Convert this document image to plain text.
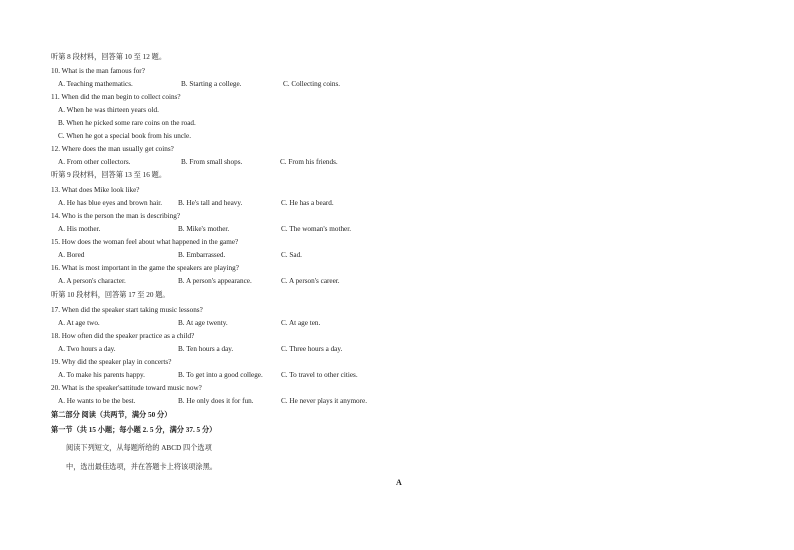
听第 8 段材料，回答第 10 至 12 题。
10. What is the man famous for?
A. Teaching mathematics.	B. Starting a college.	C. Collecting coins.
11. When did the man begin to collect coins?
A. When he was thirteen years old.
B. When he picked some rare coins on the road.
C. When he got a special book from his uncle.
12. Where does the man usually get coins?
A. From other collectors.	B. From small shops.	C. From his friends.
听第 9 段材料，回答第 13 至 16 题。
13. What does Mike look like?
A. He has blue eyes and brown hair. B. He's tall and heavy.	C. He has a beard.
14. Who is the person the man is describing?
A. His mother.	B. Mike's mother.	C. The woman's mother.
15. How does the woman feel about what happened in the game?
A. Bored	B. Embarrassed.	C. Sad.
16. What is most important in the game the speakers are playing?
A. A person's character.	B. A person's appearance.	C. A person's career.
听第 10 段材料，回答第 17 至 20 题。
17. When did the speaker start taking music lessons?
A. At age two.	B. At age twenty.	C. At age ten.
18. How often did the speaker practice as a child?
A. Two hours a day.	B. Ten hours a day.	C. Three hours a day.
19. Why did the speaker play in concerts?
A. To make his parents happy.	B. To get into a good college.	C. To travel to other cities.
20. What is the speaker'sattitude toward music now?
A. He wants to be the best.	B. He only does it for fun.	C. He never plays it anymore.
第二部分 阅读（共两节，满分 50 分）
第一节（共 15 小题；每小题 2. 5 分，满分 37. 5 分）
阅读下列短文，从每题所给的 ABCD 四个选项
中，选出最佳选项，并在答题卡上将该项涂黑。
A
